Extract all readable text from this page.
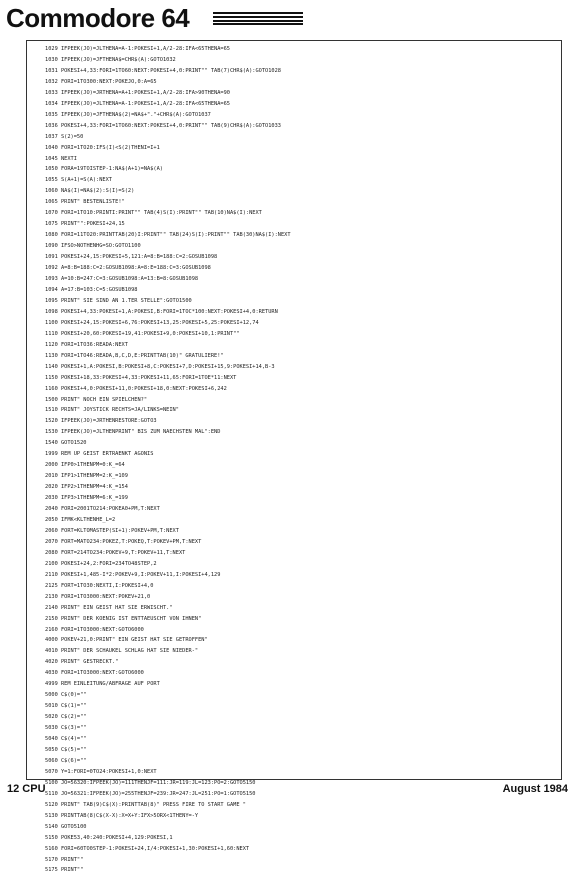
Commodore 64
1029 IFPEEK(JO)=JLTHENA=A-1:POKESI+1,A/2-28:IFA<65THENA=65
1030 IFPEEK(JO)=JFTHENA$=CHR$(A):GOTO1032
1031 POKESI+4,33:FORI=1TO60:NEXT:POKESI+4,0:PRINT"" TAB(7)CHR$(A):GOTO1028
1032 FORI=1TO300:NEXT:POKEJO,0:A=65
1033 IFPEEK(JO)=JRTHENA=A+1:POKESI+1,A/2-28:IFA>90THENA=90
1034 IFPEEK(JO)=JLTHENA=A-1:POKESI+1,A/2-28:IFA<65THENA=65
1035 IFPEEK(JO)=JFTHENA$(2)=NA$+"."+CHR$(A):GOTO1037
1036 POKESI+4,33:FORI=1TO60:NEXT:POKESI+4,0:PRINT"" TAB(9)CHR$(A):GOTO1033
1037 S(2)=50
1040 FORI=1TO20:IFS(I)<S(2)THENI=I+1
1045 NEXTI
1050 FORA=19TOISTEP-1:NA$(A+1)=NA$(A)
1055 S(A+1)=S(A):NEXT
1060 NA$(I)=NA$(2):S(I)=S(2)
1065 PRINT" BESTENLISTE!"
1070 FORI=1TO10:PRINTI:PRINT"" TAB(4)S(I):PRINT"" TAB(10)NA$(I):NEXT
1075 PRINT"":POKESI+24,15
1080 FORI=11TO20:PRINTTAB(20)I:PRINT"" TAB(24)S(I):PRINT"" TAB(30)NA$(I):NEXT
1090 IFSO>NOTHENHG=SO:GOTO1100
1091 POKESI+24,15:POKESI+5,121:A=8:B=188:C=2:GOSUB1098
1092 A=8:B=188:C=2:GOSUB1098:A=8:E=188:C=3:GOSUB1098
1093 A=10:B=247:C=3:GOSUB1098:A=13:B=8:GOSUB1098
1094 A=17:B=103:C=5:GOSUB1098
1095 PRINT" SIE SIND AN 1.TER STELLE":GOTO1500
1098 POKESI+4,33:POKESI+1,A:POKESI,B:FORI=1TOC*100:NEXT:POKESI+4,0:RETURN
1100 POKESI+24,15:POKESI+6,76:POKESI+13,25:POKESI+5,25:POKESI+12,74
1110 POKESI+20,60:POKESI+19,41:POKESI+9,0:POKESI+10,1:PRINT""
1120 FORI=1TO36:READA:NEXT
1130 FORI=1TO46:READA,B,C,D,E:PRINTTAB(10)" GRATULIERE!"
1140 POKESI+1,A:POKESI,B:POKESI+8,C:POKESI+7,D:POKESI+15,9:POKESI+14,B-3
1150 POKESI+18,33:POKESI+4,33:POKESI+11,65:FORI=1TOE*11:NEXT
1160 POKESI+4,0:POKESI+11,0:POKESI+18,0:NEXT:POKESI+6,242
1500 PRINT" NOCH EIN SPIELCHEN?"
1510 PRINT" JOYSTICK RECHTS=JA/LINKS=NEIN"
1520 IFPEEK(JO)=JRTHENRESTORE:GOTO3
1530 IFPEEK(JO)=JLTHENPRINT" BIS ZUM NAECHSTEN MAL":END
1540 GOTO1520
1999 REM UP GEIST ERTRAENKT AGONIS
2000 IFP0>1THENPM=0:K_=64
2010 IFP1>1THENPM=2:K_=109
2020 IFP2>1THENPM=4:K_=154
2030 IFP3>1THENPM=6:K_=199
2040 FORI=2001TO214:POKEA0+PM,T:NEXT
2050 IFMK<KLTHENHE_L=2
2060 FORT=KLTOMASTEP(SI+1):POKEV+PM,T:NEXT
2070 FORT=MATO234:POKEZ,T:POKEQ,T:POKEV+PM,T:NEXT
2080 FORT=214TO234:POKEV+9,T:POKEV+11,T:NEXT
2100 POKESI+24,2:FORI=234TO48STEP,2
2110 POKESI+1,485-I*2:POKEV+9,I:POKEV+11,I:POKESI+4,129
2125 FORT=1TO30:NEXTI,I:POKESI+4,0
2130 FORI=1TO3000:NEXT:POKEV+21,0
2140 PRINT" EIN GEIST HAT SIE ERWISCHT."
2150 PRINT" DER KOENIG IST ENTTAEUSCHT VON IHNEN"
2160 FORI=1TO3000:NEXT:GOTO6000
4000 POKEV+21,0:PRINT" EIN GEIST HAT SIE GETROFFEN"
4010 PRINT" DER SCHAUKEL SCHLAG HAT SIE NIEDER-"
4020 PRINT" GESTRECKT."
4030 FORI=1TO3000:NEXT:GOTO6000
4999 REM EINLEITUNG/ABFRAGE AUF PORT
5000 C$(0)=""
5010 C$(1)=""
5020 C$(2)=""
5030 C$(3)=""
5040 C$(4)=""
5050 C$(5)=""
5060 C$(6)=""
5070 Y=1:FORI=0TO24:POKESI+1,0:NEXT
5100 JO=56320:IFPEEK(JO)=111THENJF=111:JR=119:JL=123:PO=2:GOTO5150
5110 JO=56321:IFPEEK(JO)=255THENJF=239:JR=247:JL=251:PO=1:GOTO5150
5120 PRINT" TAB(9)C$(X):PRINTTAB(8)" PRESS FIRE TO START GAME "
5130 PRINTTAB(8)C$(X-X):X=X+Y:IFX>5ORX<1THENY=-Y
5140 GOTO5100
5150 POKE53,40:240:POKESI+4,129:POKESI,1
5160 FORI=60TO0STEP-1:POKESI+24,I/4:POKESI+1,30:POKESI+1,60:NEXT
5170 PRINT""
5175 PRINT""
12 CPU	August 1984
